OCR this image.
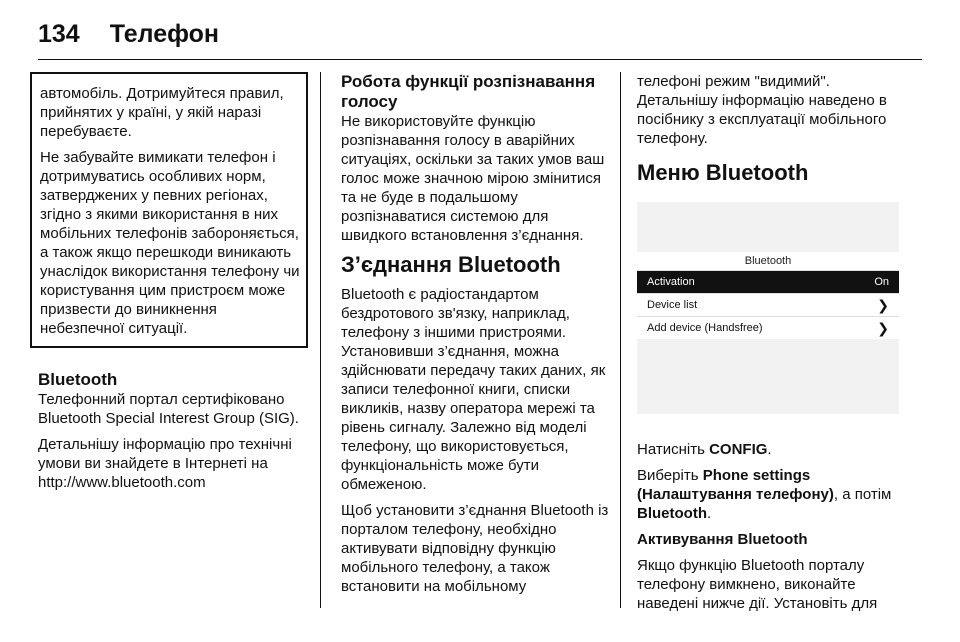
134 Телефон

автомобіль. Дотримуйтеся правил, прийнятих у країні, у якій наразі перебуваєте.

Не забувайте вимикати телефон і дотримуватись особливих норм, затверджених у певних регіонах, згідно з якими використання в них мобільних телефонів забороняється, а також якщо перешкоди виникають унаслідок використання телефону чи користування цим пристроєм може призвести до виникнення небезпечної ситуації.

Bluetooth

Телефонний портал сертифіковано Bluetooth Special Interest Group (SIG).

Детальнішу інформацію про технічні умови ви знайдете в Інтернеті на http://www.bluetooth.com

Робота функції розпізнавання голосу

Не використовуйте функцію розпізнавання голосу в аварійних ситуаціях, оскільки за таких умов ваш голос може значною мірою змінитися та не буде в подальшому розпізнаватися системою для швидкого встановлення з’єднання.

З’єднання Bluetooth

Bluetooth є радіостандартом бездротового зв'язку, наприклад, телефону з іншими пристроями. Установивши з’єднання, можна здійснювати передачу таких даних, як записи телефонної книги, списки викликів, назву оператора мережі та рівень сигналу. Залежно від моделі телефону, що використовується, функціональність може бути обмеженою.

Щоб установити з’єднання Bluetooth із порталом телефону, необхідно активувати відповідну функцію мобільного телефону, а також встановити на мобільному

телефоні режим "видимий". Детальнішу інформацію наведено в посібнику з експлуатації мобільного телефону.

Меню Bluetooth

Bluetooth
Activation	On
Device list	❯
Add device (Handsfree)	❯

Натисніть CONFIG.

Виберіть Phone settings (Налаштування телефону), а потім Bluetooth.

Активування Bluetooth

Якщо функцію Bluetooth порталу телефону вимкнено, виконайте наведені нижче дії. Установіть для
